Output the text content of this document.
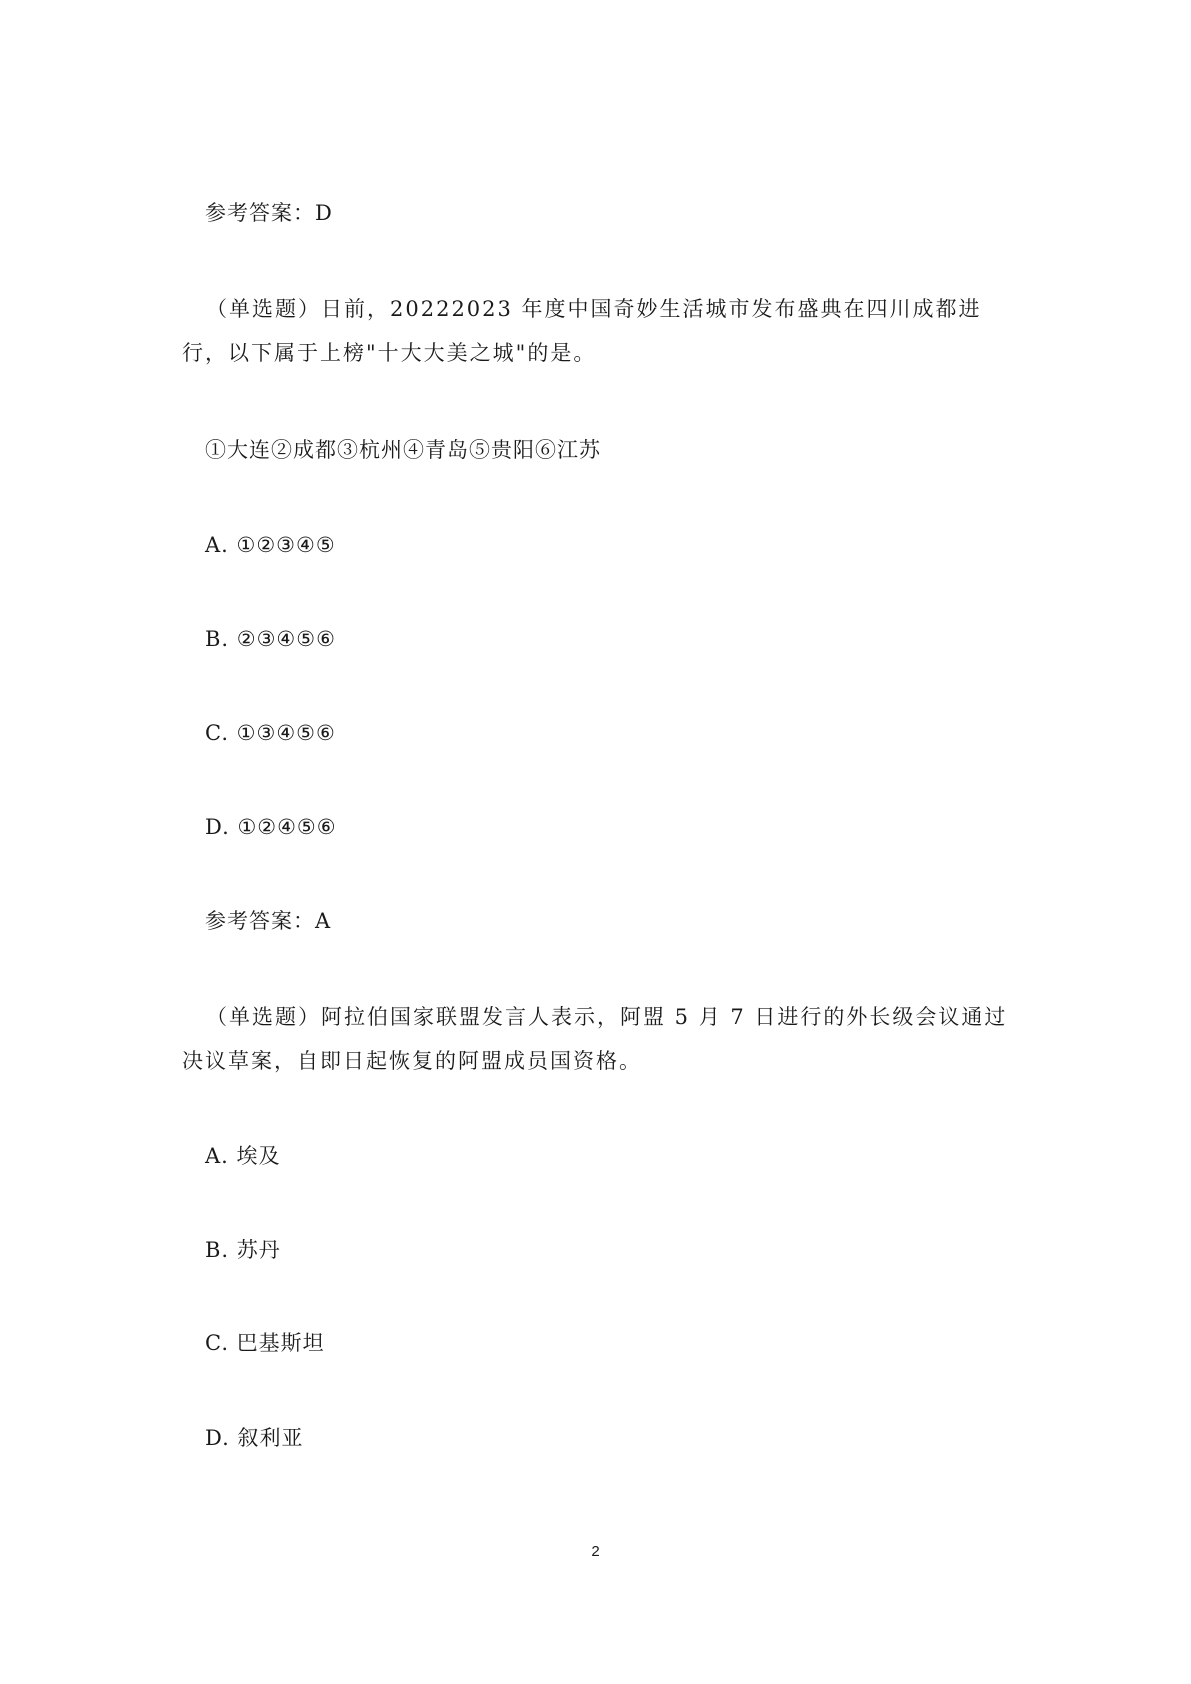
参考答案：D
（单选题）日前，20222023 年度中国奇妙生活城市发布盛典在四川成都进行，以下属于上榜"十大大美之城"的是。
①大连②成都③杭州④青岛⑤贵阳⑥江苏
A. ①②③④⑤
B. ②③④⑤⑥
C. ①③④⑤⑥
D. ①②④⑤⑥
参考答案：A
（单选题）阿拉伯国家联盟发言人表示，阿盟 5 月 7 日进行的外长级会议通过决议草案，自即日起恢复的阿盟成员国资格。
A. 埃及
B. 苏丹
C. 巴基斯坦
D. 叙利亚
2
